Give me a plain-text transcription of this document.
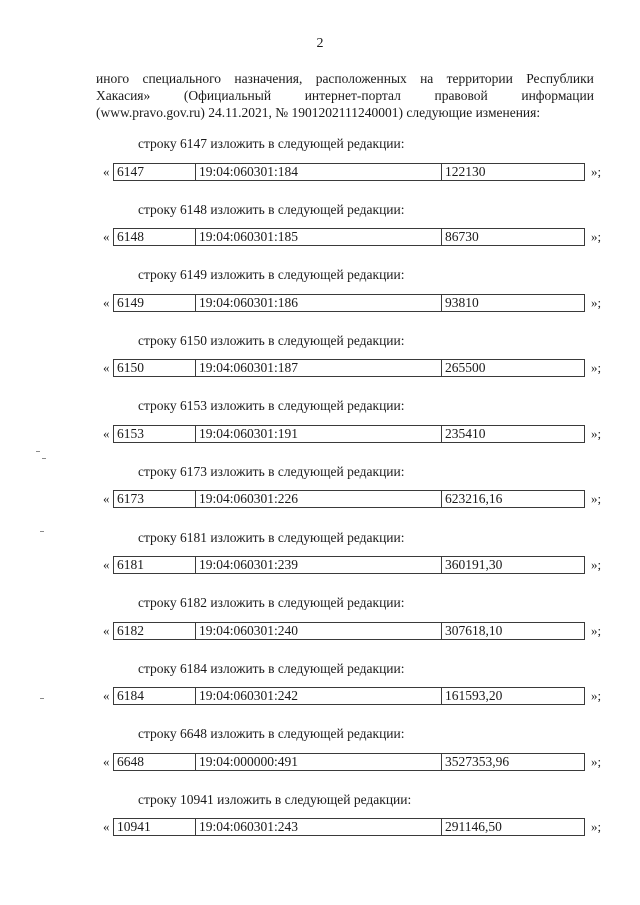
2
иного специального назначения, расположенных на территории Республики
Хакасия» (Официальный интернет-портал правовой информации
(www.pravo.gov.ru) 24.11.2021, № 1901202111240001) следующие изменения:
строку 6147 изложить в следующей редакции:
« 6147	19:04:060301:184	122130	»;
строку 6148 изложить в следующей редакции:
« 6148	19:04:060301:185	86730	»;
строку 6149 изложить в следующей редакции:
« 6149	19:04:060301:186	93810	»;
строку 6150 изложить в следующей редакции:
« 6150	19:04:060301:187	265500	»;
строку 6153 изложить в следующей редакции:
« 6153	19:04:060301:191	235410	»;
строку 6173 изложить в следующей редакции:
« 6173	19:04:060301:226	623216,16	»;
строку 6181 изложить в следующей редакции:
« 6181	19:04:060301:239	360191,30	»;
строку 6182 изложить в следующей редакции:
« 6182	19:04:060301:240	307618,10	»;
строку 6184 изложить в следующей редакции:
« 6184	19:04:060301:242	161593,20	»;
строку 6648 изложить в следующей редакции:
« 6648	19:04:000000:491	3527353,96	»;
строку 10941 изложить в следующей редакции:
« 10941	19:04:060301:243	291146,50	»;
